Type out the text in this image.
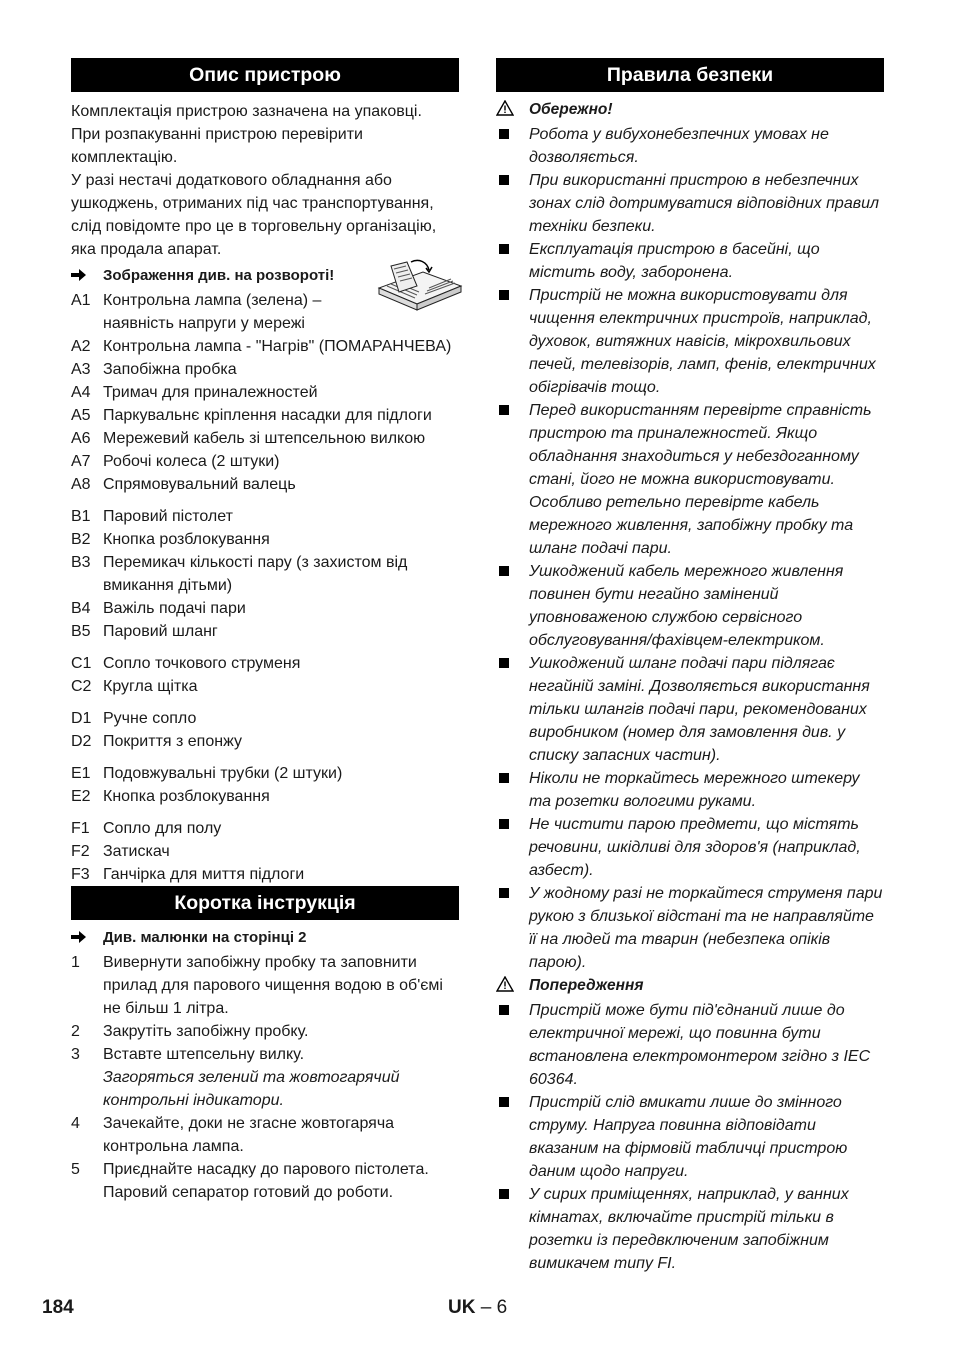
Опис пристрою
Комплектація пристрою зазначена на упаковці.
При розпакуванні пристрою перевірити
комплектацію.
У разі нестачі додаткового обладнання або
ушкоджень, отриманих під час транспортування,
слід повідомте про це в торговельну організацію,
яка продала апарат.
Зображення див. на розвороті!
A1 Контрольна лампа (зелена) – наявність напруги у мережі
A2 Контрольна лампа - "Нагрів" (ПОМАРАНЧЕВА)
A3 Запобіжна пробка
A4 Тримач для приналежностей
A5 Паркувальнє кріплення насадки для підлоги
A6 Мережевий кабель зі штепсельною вилкою
A7 Робочі колеса (2 штуки)
A8 Спрямовувальний валець
B1 Паровий пістолет
B2 Кнопка розблокування
B3 Перемикач кількості пару (з захистом від вмикання дітьми)
B4 Важіль подачі пари
B5 Паровий шланг
C1 Сопло точкового струменя
C2 Кругла щітка
D1 Ручне сопло
D2 Покриття з епонжу
E1 Подовжувальні трубки (2 штуки)
E2 Кнопка розблокування
F1 Сопло для полу
F2 Затискач
F3 Ганчірка для миття підлоги
Коротка інструкція
Див. малюнки на сторінці 2
1	Вивернути запобіжну пробку та заповнити прилад для парового чищення водою в об'ємі не більш 1 літра.
2	Закрутіть запобіжну пробку.
3	Вставте штепсельну вилку.
Загоряться зелений та жовтогарячий контрольні індикатори.
4	Зачекайте, доки не згасне жовтогаряча контрольна лампа.
5	Приєднайте насадку до парового пістолета. Паровий сепаратор готовий до роботи.
Правила безпеки
Обережно!
Робота у вибухонебезпечних умовах не дозволяється.
При використанні пристрою в небезпечних зонах слід дотримуватися відповідних правил техніки безпеки.
Експлуатація пристрою в басейні, що містить воду, заборонена.
Пристрій не можна використовувати для чищення електричних пристроїв, наприклад, духовок, витяжних навісів, мікрохвильових печей, телевізорів, ламп, фенів, електричних обігрівачів тощо.
Перед використанням перевірте справність пристрою та приналежностей. Якщо обладнання знаходиться у небездоганному стані, його не можна використовувати. Особливо ретельно перевірте кабель мережного живлення, запобіжну пробку та шланг подачі пари.
Ушкоджений кабель мережного живлення повинен бути негайно замінений уповноваженою службою сервісного обслуговування/фахівцем-електриком.
Ушкоджений шланг подачі пари підлягає негайній заміні. Дозволяється використання тільки шлангів подачі пари, рекомендованих виробником (номер для замовлення див. у списку запасних частин).
Ніколи не торкайтесь мережного штекеру та розетки вологими руками.
Не чистити парою предмети, що містять речовини, шкідливі для здоров'я (наприклад, азбест).
У жодному разі не торкайтеся струменя пари рукою з близької відстані та не направляйте її на людей та тварин (небезпека опіків парою).
Попередження
Пристрій може бути під'єднаний лише до електричної мережі, що повинна бути встановлена електромонтером згідно з IEC 60364.
Пристрій слід вмикати лише до змінного струму. Напруга повинна відповідати вказаним на фірмовій табличці пристрою даним щодо напруги.
У сирих приміщеннях, наприклад, у ванних кімнатах, включайте пристрій тільки в розетки із передвключеним запобіжним вимикачем типу FI.
184	UK – 6
